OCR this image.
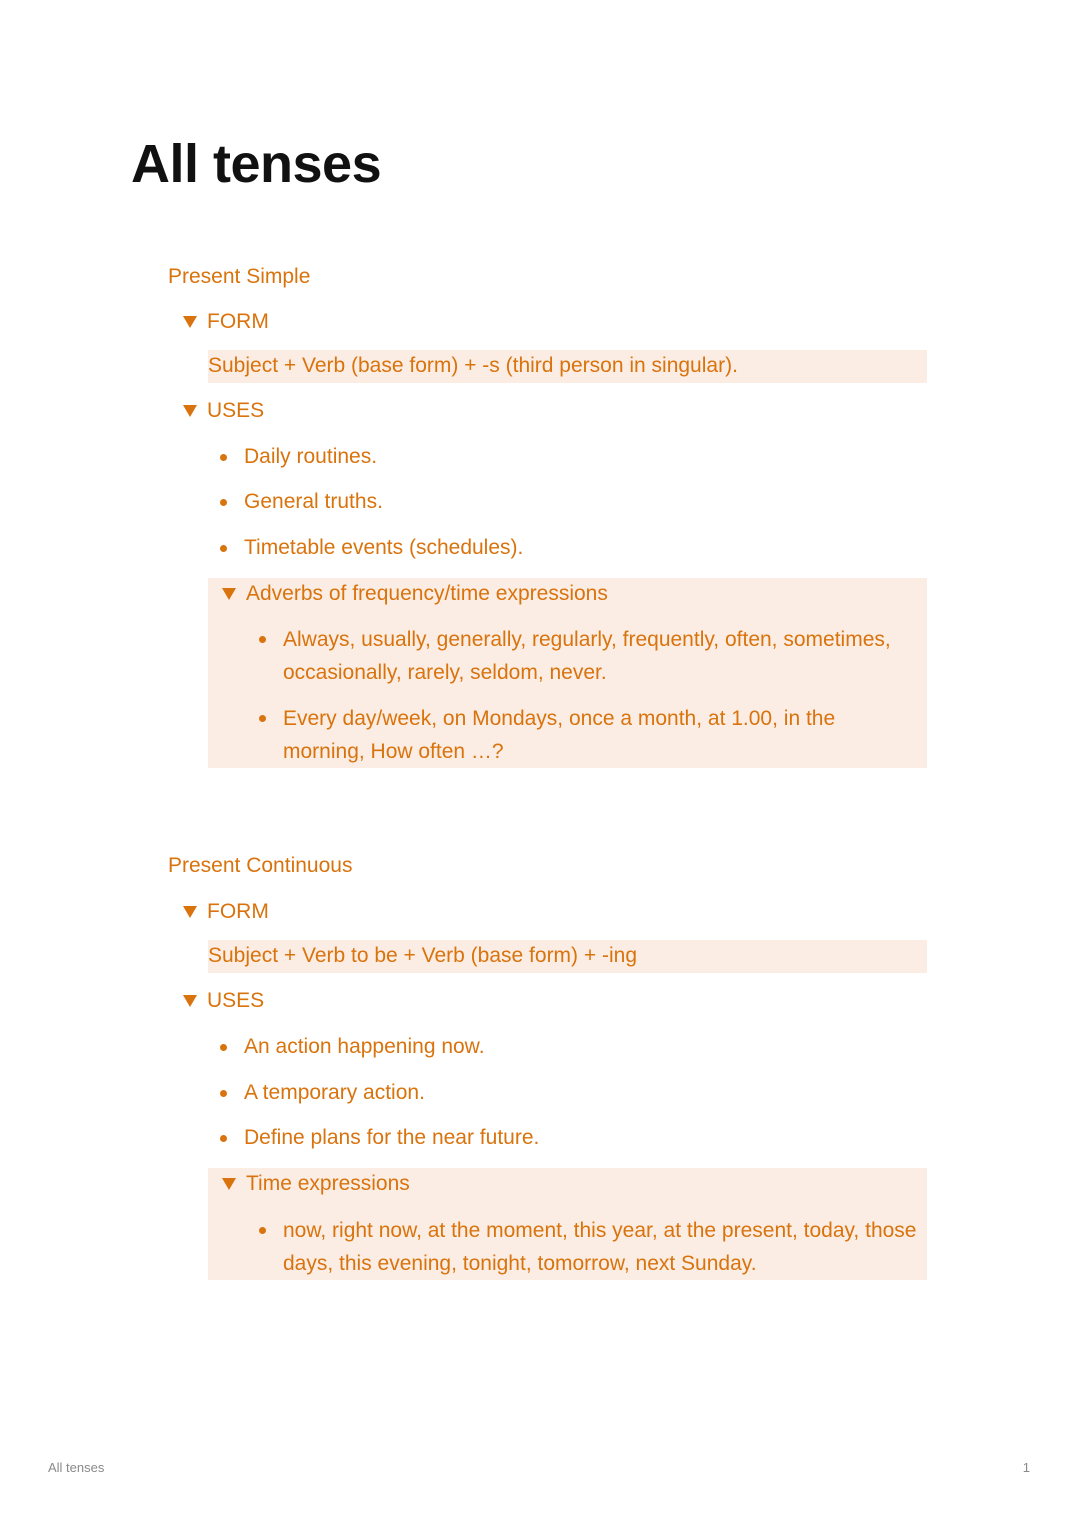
All tenses
Present Simple
FORM
Subject + Verb (base form) + -s (third person in singular).
USES
Daily routines.
General truths.
Timetable events (schedules).
Adverbs of frequency/time expressions
Always, usually, generally, regularly, frequently, often, sometimes, occasionally, rarely, seldom, never.
Every day/week, on Mondays, once a month, at 1.00, in the morning, How often …?
Present Continuous
FORM
Subject + Verb to be + Verb (base form) + -ing
USES
An action happening now.
A temporary action.
Define plans for the near future.
Time expressions
now, right now, at the moment, this year, at the present, today, those days, this evening, tonight, tomorrow, next Sunday.
All tenses	1
